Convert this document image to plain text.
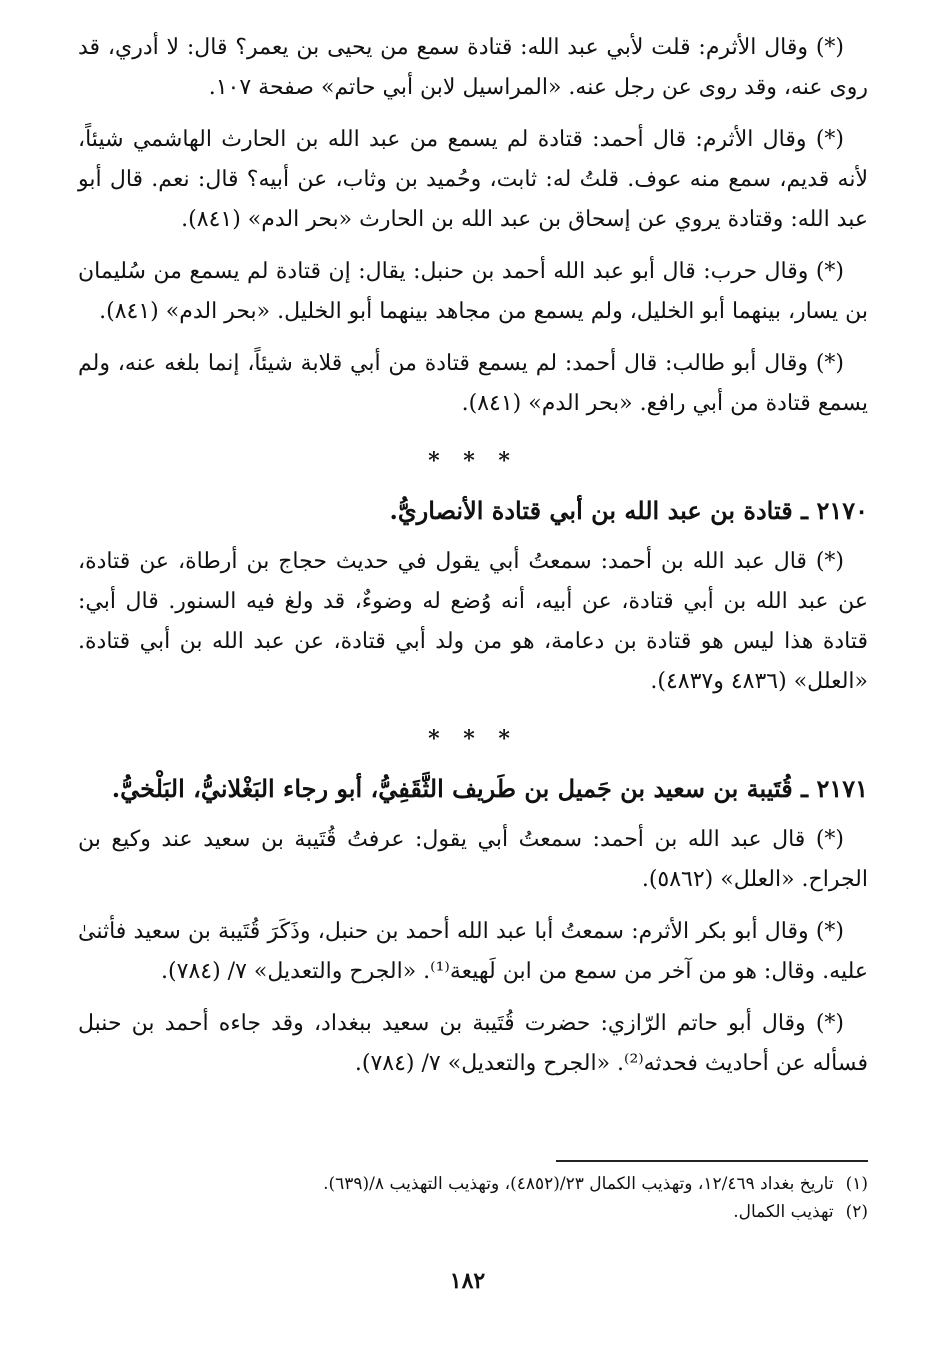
(*) وقال الأثرم: قلت لأبي عبد الله: قتادة سمع من يحيى بن يعمر؟ قال: لا أدري، قد روى عنه، وقد روى عن رجل عنه. «المراسيل لابن أبي حاتم» صفحة ١٠٧.

(*) وقال الأثرم: قال أحمد: قتادة لم يسمع من عبد الله بن الحارث الهاشمي شيئاً، لأنه قديم، سمع منه عوف. قلتُ له: ثابت، وحُميد بن وثاب، عن أبيه؟ قال: نعم. قال أبو عبد الله: وقتادة يروي عن إسحاق بن عبد الله بن الحارث «بحر الدم» (٨٤١).

(*) وقال حرب: قال أبو عبد الله أحمد بن حنبل: يقال: إن قتادة لم يسمع من سُليمان بن يسار، بينهما أبو الخليل، ولم يسمع من مجاهد بينهما أبو الخليل. «بحر الدم» (٨٤١).

(*) وقال أبو طالب: قال أحمد: لم يسمع قتادة من أبي قلابة شيئاً، إنما بلغه عنه، ولم يسمع قتادة من أبي رافع. «بحر الدم» (٨٤١).

* * *
٢١٧٠ ـ قتادة بن عبد الله بن أبي قتادة الأنصاريُّ.

(*) قال عبد الله بن أحمد: سمعتُ أبي يقول في حديث حجاج بن أرطاة، عن قتادة، عن عبد الله بن أبي قتادة، عن أبيه، أنه وُضع له وضوءٌ، قد ولغ فيه السنور. قال أبي: قتادة هذا ليس هو قتادة بن دعامة، هو من ولد أبي قتادة، عن عبد الله بن أبي قتادة. «العلل» (٤٨٣٦ و٤٨٣٧).

* * *
٢١٧١ ـ قُتَيبة بن سعيد بن جَميل بن طَريف الثَّقَفِيُّ، أبو رجاء البَغْلانيُّ، البَلْخيُّ.

(*) قال عبد الله بن أحمد: سمعتُ أبي يقول: عرفتُ قُتَيبة بن سعيد عند وكيع بن الجراح. «العلل» (٥٨٦٢).

(*) وقال أبو بكر الأثرم: سمعتُ أبا عبد الله أحمد بن حنبل، وذَكَرَ قُتَيبة بن سعيد فأثنىٰ عليه. وقال: هو من آخر من سمع من ابن لَهيعة⁽¹⁾. «الجرح والتعديل» ٧/ (٧٨٤).

(*) وقال أبو حاتم الرّازي: حضرت قُتَيبة بن سعيد ببغداد، وقد جاءه أحمد بن حنبل فسأله عن أحاديث فحدثه⁽²⁾. «الجرح والتعديل» ٧/ (٧٨٤).

(١)تاريخ بغداد ١٢/٤٦٩، وتهذيب الكمال ٢٣/(٤٨٥٢)، وتهذيب التهذيب ٨/(٦٣٩).
(٢)تهذيب الكمال.
١٨٢
